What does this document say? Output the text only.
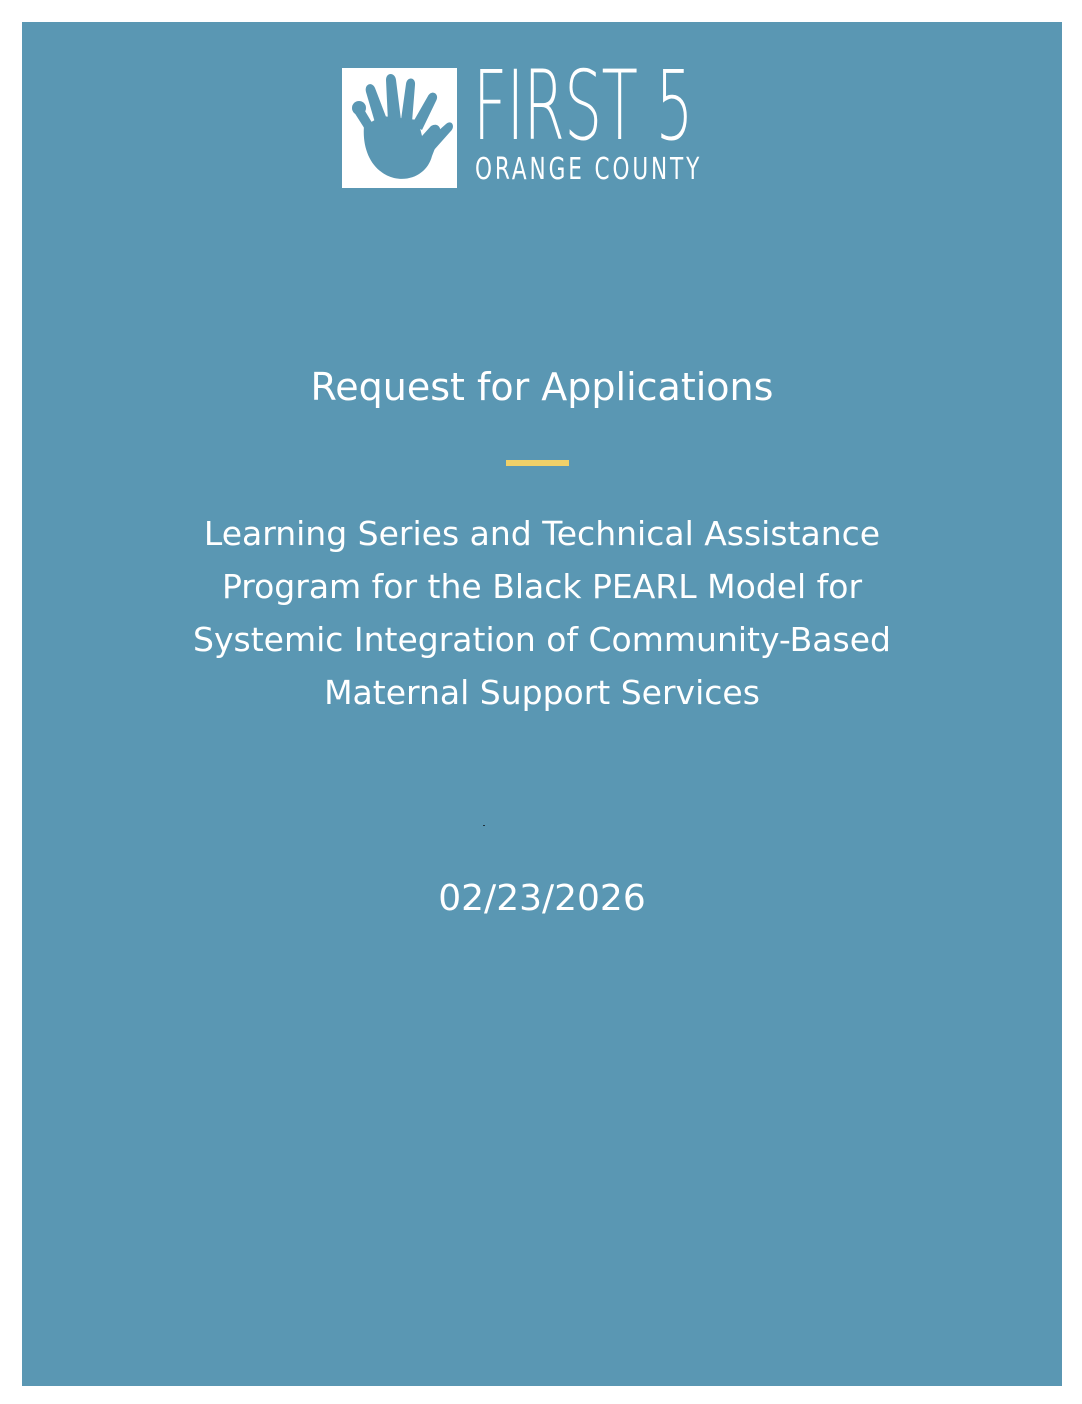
FIRST 5
ORANGE COUNTY
Request for Applications
Learning Series and Technical Assistance
Program for the Black PEARL Model for
Systemic Integration of Community-Based
Maternal Support Services
02/23/2026
